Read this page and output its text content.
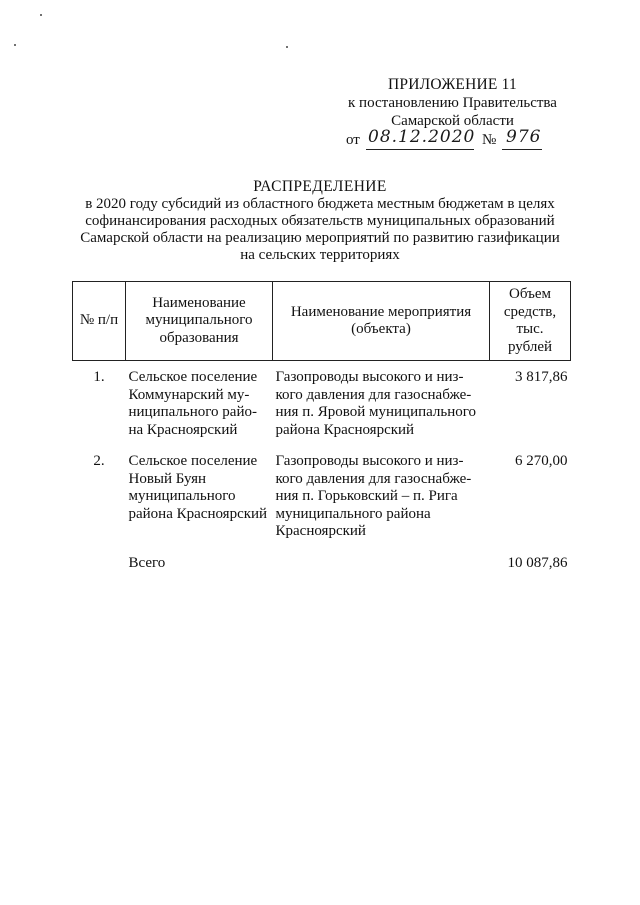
ПРИЛОЖЕНИЕ 11
к постановлению Правительства
Самарской области
от 08.12.2020 № 976
РАСПРЕДЕЛЕНИЕ
в 2020 году субсидий из областного бюджета местным бюджетам в целях
софинансирования расходных обязательств муниципальных образований
Самарской области на реализацию мероприятий по развитию газификации
на сельских территориях
№ п/п	Наименование муниципального образования	Наименование мероприятия (объекта)	Объем средств, тыс. рублей
1.	Сельское поселение Коммунарский му-ниципального райо-на Красноярский	Газопроводы высокого и низ-кого давления для газоснабже-ния п. Яровой муниципального района Красноярский	3 817,86
2.	Сельское поселение Новый Буян муниципального района Красноярский	Газопроводы высокого и низ-кого давления для газоснабже-ния п. Горьковский – п. Рига муниципального района Красноярский	6 270,00
	Всего		10 087,86
